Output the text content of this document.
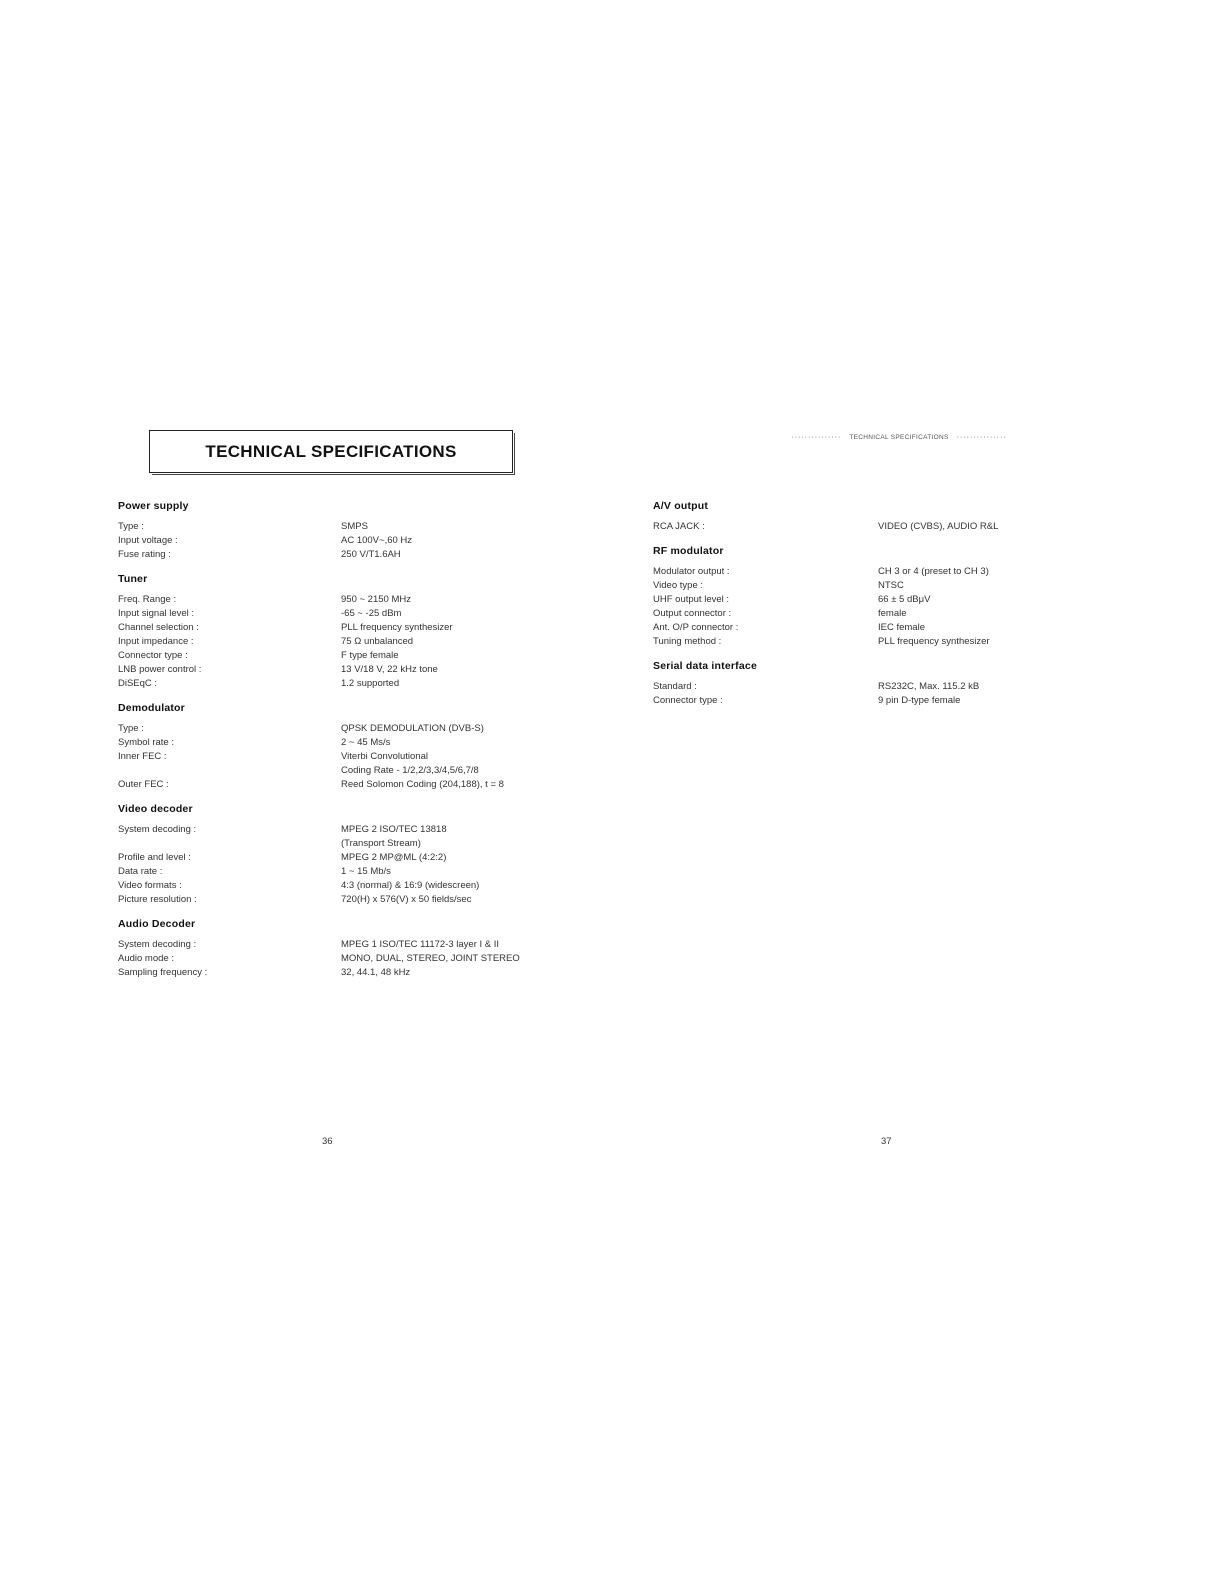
TECHNICAL SPECIFICATIONS
Power supply
Type :	SMPS
Input voltage :	AC 100V~,60 Hz
Fuse rating :	250 V/T1.6AH
Tuner
Freq. Range :	950 ~ 2150 MHz
Input signal level :	-65 ~ -25 dBm
Channel selection :	PLL frequency synthesizer
Input impedance :	75 Ω unbalanced
Connector type :	F type female
LNB power control :	13 V/18 V, 22 kHz tone
DiSEqC :	1.2 supported
Demodulator
Type :	QPSK DEMODULATION (DVB-S)
Symbol rate :	2 ~ 45 Ms/s
Inner FEC :	Viterbi Convolutional
Coding Rate - 1/2,2/3,3/4,5/6,7/8
Outer FEC :	Reed Solomon Coding (204,188), t = 8
Video decoder
System decoding :	MPEG 2 ISO/TEC 13818
(Transport Stream)
Profile and level :	MPEG 2 MP@ML (4:2:2)
Data rate :	1 ~ 15 Mb/s
Video formats :	4:3 (normal) & 16:9 (widescreen)
Picture resolution :	720(H) x 576(V) x 50 fields/sec
Audio Decoder
System decoding :	MPEG 1 ISO/TEC 11172-3 layer I & II
Audio mode :	MONO, DUAL, STEREO, JOINT STEREO
Sampling frequency :	32, 44.1, 48 kHz
36
··············· TECHNICAL SPECIFICATIONS ···············
A/V output
RCA JACK :	VIDEO (CVBS), AUDIO R&L
RF modulator
Modulator output :	CH 3 or 4 (preset to CH 3)
Video type :	NTSC
UHF output level :	66 ± 5 dBμV
Output connector :	female
Ant. O/P connector :	IEC female
Tuning method :	PLL frequency synthesizer
Serial data interface
Standard :	RS232C, Max. 115.2 kB
Connector type :	9 pin D-type female
37
